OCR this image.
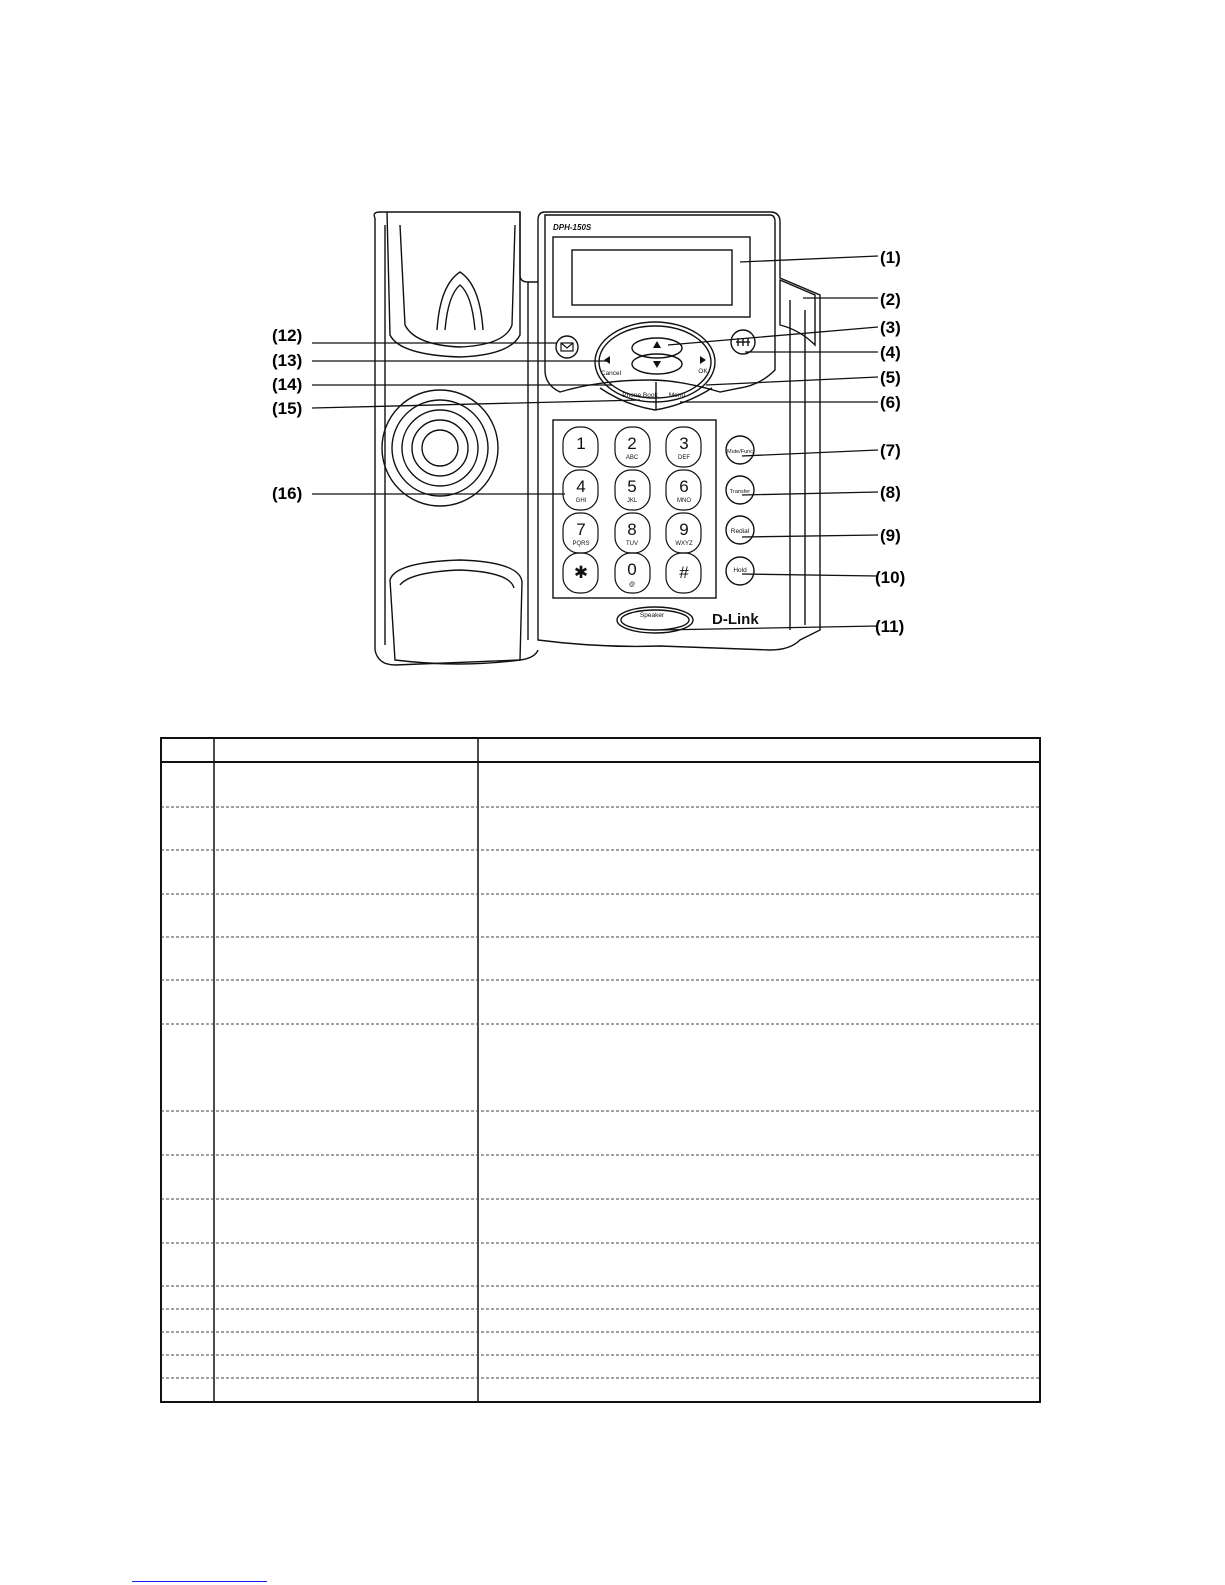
1 2	3
4 5	6
7 8	9
✱ 0	#
ABC	DEF
GHI	JKL	MNO
PQRS	TUV	WXYZ
@
Cancel	OK
Phone Book Menu
Mute/Func
Transfer
Redial
Hold
Speaker
DPH-150S
D-Link
(1)
(2)
(3)
(4)
(5)
(6)
(7)
(8)
(9)
(10)
(11)
(12)
(13)
(14)
(15)
(16)
